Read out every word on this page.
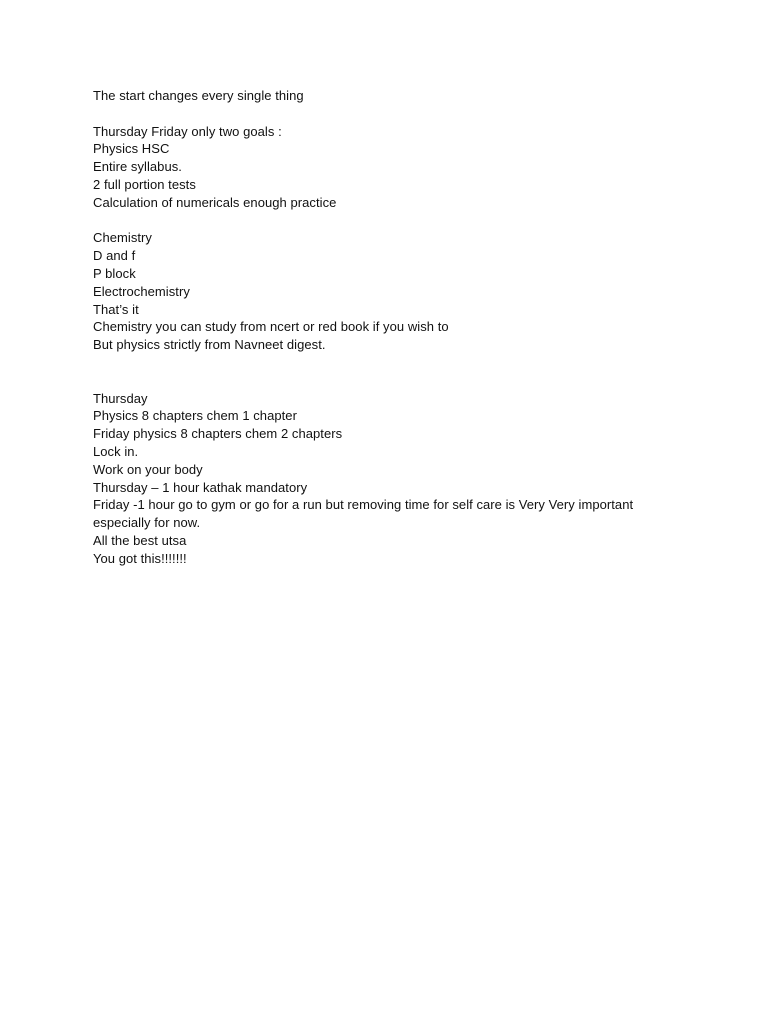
The start changes every single thing
Thursday Friday only two goals :
Physics HSC
Entire syllabus.
2 full portion tests
Calculation of numericals enough practice
Chemistry
D and f
P block
Electrochemistry
That’s it
Chemistry you can study from ncert or red book if you wish to
But physics strictly from Navneet digest.
Thursday
Physics 8 chapters chem 1 chapter
Friday physics 8 chapters chem 2 chapters
Lock in.
Work on your body
Thursday – 1 hour kathak mandatory
Friday -1 hour go to gym or go for a run but removing time for self care is Very Very important especially for now.
All the best utsa
You got this!!!!!!!
